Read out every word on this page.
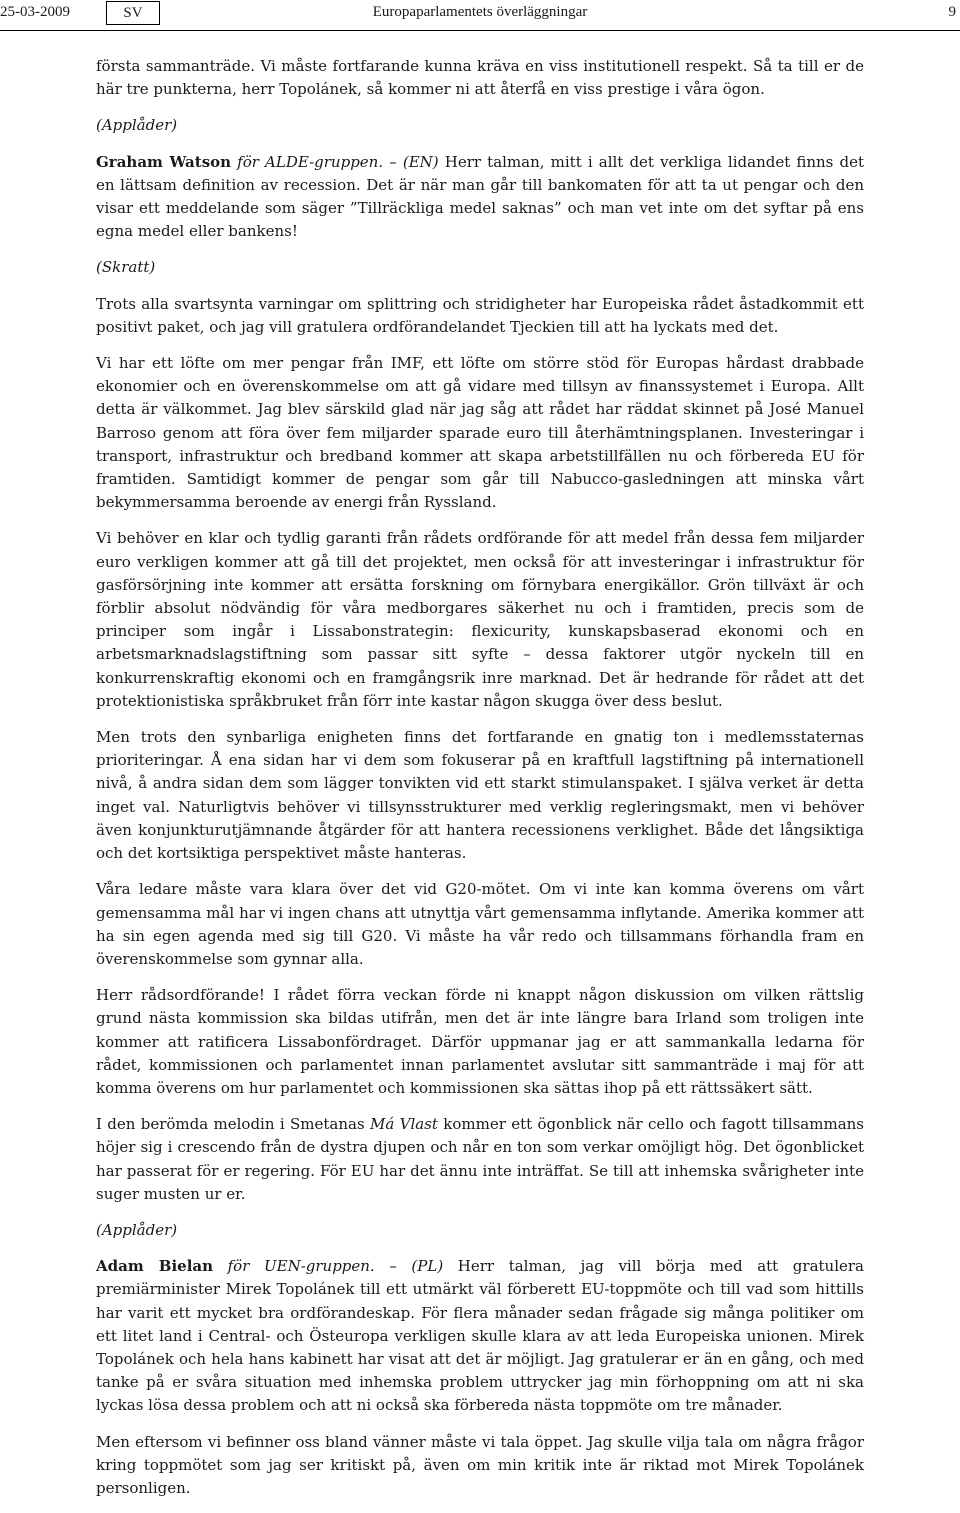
25-03-2009	SV	Europaparlamentets överläggningar	9

första sammanträde. Vi måste fortfarande kunna kräva en viss institutionell respekt. Så ta till er de här tre punkterna, herr Topolánek, så kommer ni att återfå en viss prestige i våra ögon.

(Applåder)

Graham Watson för ALDE-gruppen. – (EN) Herr talman, mitt i allt det verkliga lidandet finns det en lättsam definition av recession. Det är när man går till bankomaten för att ta ut pengar och den visar ett meddelande som säger ”Tillräckliga medel saknas” och man vet inte om det syftar på ens egna medel eller bankens!

(Skratt)

Trots alla svartsynta varningar om splittring och stridigheter har Europeiska rådet åstadkommit ett positivt paket, och jag vill gratulera ordförandelandet Tjeckien till att ha lyckats med det.

Vi har ett löfte om mer pengar från IMF, ett löfte om större stöd för Europas hårdast drabbade ekonomier och en överenskommelse om att gå vidare med tillsyn av finanssystemet i Europa. Allt detta är välkommet. Jag blev särskild glad när jag såg att rådet har räddat skinnet på José Manuel Barroso genom att föra över fem miljarder sparade euro till återhämtningsplanen. Investeringar i transport, infrastruktur och bredband kommer att skapa arbetstillfällen nu och förbereda EU för framtiden. Samtidigt kommer de pengar som går till Nabucco-gasledningen att minska vårt bekymmersamma beroende av energi från Ryssland.

Vi behöver en klar och tydlig garanti från rådets ordförande för att medel från dessa fem miljarder euro verkligen kommer att gå till det projektet, men också för att investeringar i infrastruktur för gasförsörjning inte kommer att ersätta forskning om förnybara energikällor. Grön tillväxt är och förblir absolut nödvändig för våra medborgares säkerhet nu och i framtiden, precis som de principer som ingår i Lissabonstrategin: flexicurity, kunskapsbaserad ekonomi och en arbetsmarknadslagstiftning som passar sitt syfte – dessa faktorer utgör nyckeln till en konkurrenskraftig ekonomi och en framgångsrik inre marknad. Det är hedrande för rådet att det protektionistiska språkbruket från förr inte kastar någon skugga över dess beslut.

Men trots den synbarliga enigheten finns det fortfarande en gnatig ton i medlemsstaternas prioriteringar. Å ena sidan har vi dem som fokuserar på en kraftfull lagstiftning på internationell nivå, å andra sidan dem som lägger tonvikten vid ett starkt stimulanspaket. I själva verket är detta inget val. Naturligtvis behöver vi tillsynsstrukturer med verklig regleringsmakt, men vi behöver även konjunkturutjämnande åtgärder för att hantera recessionens verklighet. Både det långsiktiga och det kortsiktiga perspektivet måste hanteras.

Våra ledare måste vara klara över det vid G20-mötet. Om vi inte kan komma överens om vårt gemensamma mål har vi ingen chans att utnyttja vårt gemensamma inflytande. Amerika kommer att ha sin egen agenda med sig till G20. Vi måste ha vår redo och tillsammans förhandla fram en överenskommelse som gynnar alla.

Herr rådsordförande! I rådet förra veckan förde ni knappt någon diskussion om vilken rättslig grund nästa kommission ska bildas utifrån, men det är inte längre bara Irland som troligen inte kommer att ratificera Lissabonfördraget. Därför uppmanar jag er att sammankalla ledarna för rådet, kommissionen och parlamentet innan parlamentet avslutar sitt sammanträde i maj för att komma överens om hur parlamentet och kommissionen ska sättas ihop på ett rättssäkert sätt.

I den berömda melodin i Smetanas Má Vlast kommer ett ögonblick när cello och fagott tillsammans höjer sig i crescendo från de dystra djupen och når en ton som verkar omöjligt hög. Det ögonblicket har passerat för er regering. För EU har det ännu inte inträffat. Se till att inhemska svårigheter inte suger musten ur er.

(Applåder)

Adam Bielan för UEN-gruppen. – (PL) Herr talman, jag vill börja med att gratulera premiärminister Mirek Topolánek till ett utmärkt väl förberett EU-toppmöte och till vad som hittills har varit ett mycket bra ordförandeskap. För flera månader sedan frågade sig många politiker om ett litet land i Central- och Östeuropa verkligen skulle klara av att leda Europeiska unionen. Mirek Topolánek och hela hans kabinett har visat att det är möjligt. Jag gratulerar er än en gång, och med tanke på er svåra situation med inhemska problem uttrycker jag min förhoppning om att ni ska lyckas lösa dessa problem och att ni också ska förbereda nästa toppmöte om tre månader.

Men eftersom vi befinner oss bland vänner måste vi tala öppet. Jag skulle vilja tala om några frågor kring toppmötet som jag ser kritiskt på, även om min kritik inte är riktad mot Mirek Topolánek personligen.
